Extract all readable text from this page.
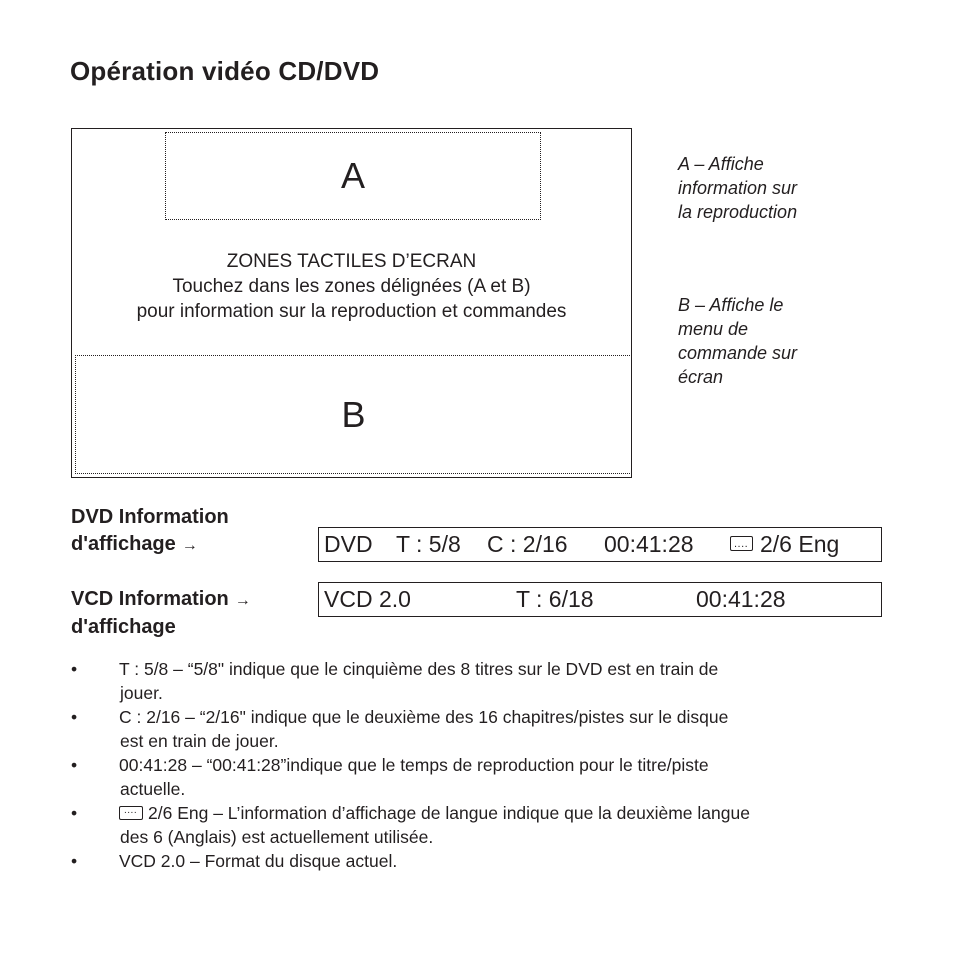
Opération vidéo CD/DVD
A
ZONES TACTILES D’ECRAN
Touchez dans les zones délignées (A et B)
pour information sur la reproduction et commandes
B

A – Affiche
information sur
la reproduction

B – Affiche le
menu de
commande sur
écran

DVD Information
d'affichage →	DVD T : 5/8 C : 2/16 00:41:28 ....	2/6 Eng
VCD Information →
d'affichage
VCD 2.0	T : 6/18	00:41:28
• T : 5/8 – “5/8" indique que le cinquième des 8 titres sur le DVD est en train de
jouer.
• C : 2/16 – “2/16" indique que le deuxième des 16 chapitres/pistes sur le disque
est en train de jouer.
• 00:41:28 – “00:41:28”indique que le temps de reproduction pour le titre/piste
actuelle.
• ....	2/6 Eng – L’information d’affichage de langue indique que la deuxième langue
des 6 (Anglais) est actuellement utilisée.
• VCD 2.0 – Format du disque actuel.
